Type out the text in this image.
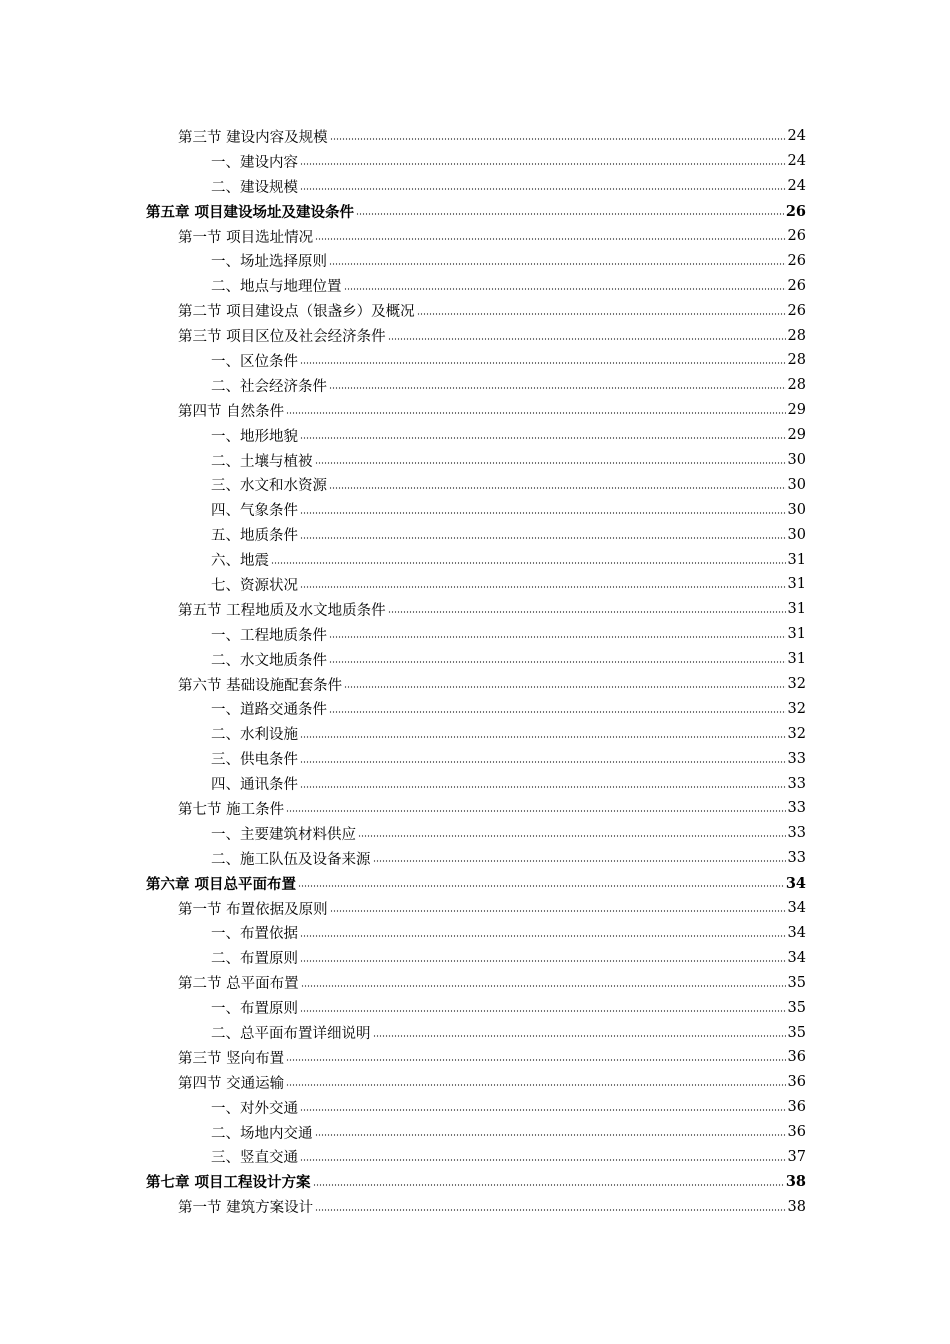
第三节 建设内容及规模	24
一、建设内容	24
二、建设规模	24
第五章 项目建设场址及建设条件	26
第一节 项目选址情况	26
一、场址选择原则	26
二、地点与地理位置	26
第二节 项目建设点（银盏乡）及概况	26
第三节 项目区位及社会经济条件	28
一、区位条件	28
二、社会经济条件	28
第四节 自然条件	29
一、地形地貌	29
二、土壤与植被	30
三、水文和水资源	30
四、气象条件	30
五、地质条件	30
六、地震	31
七、资源状况	31
第五节 工程地质及水文地质条件	31
一、工程地质条件	31
二、水文地质条件	31
第六节 基础设施配套条件	32
一、道路交通条件	32
二、水利设施	32
三、供电条件	33
四、通讯条件	33
第七节 施工条件	33
一、主要建筑材料供应	33
二、施工队伍及设备来源	33
第六章 项目总平面布置	34
第一节 布置依据及原则	34
一、布置依据	34
二、布置原则	34
第二节 总平面布置	35
一、布置原则	35
二、总平面布置详细说明	35
第三节 竖向布置	36
第四节 交通运输	36
一、对外交通	36
二、场地内交通	36
三、竖直交通	37
第七章 项目工程设计方案	38
第一节 建筑方案设计	38
